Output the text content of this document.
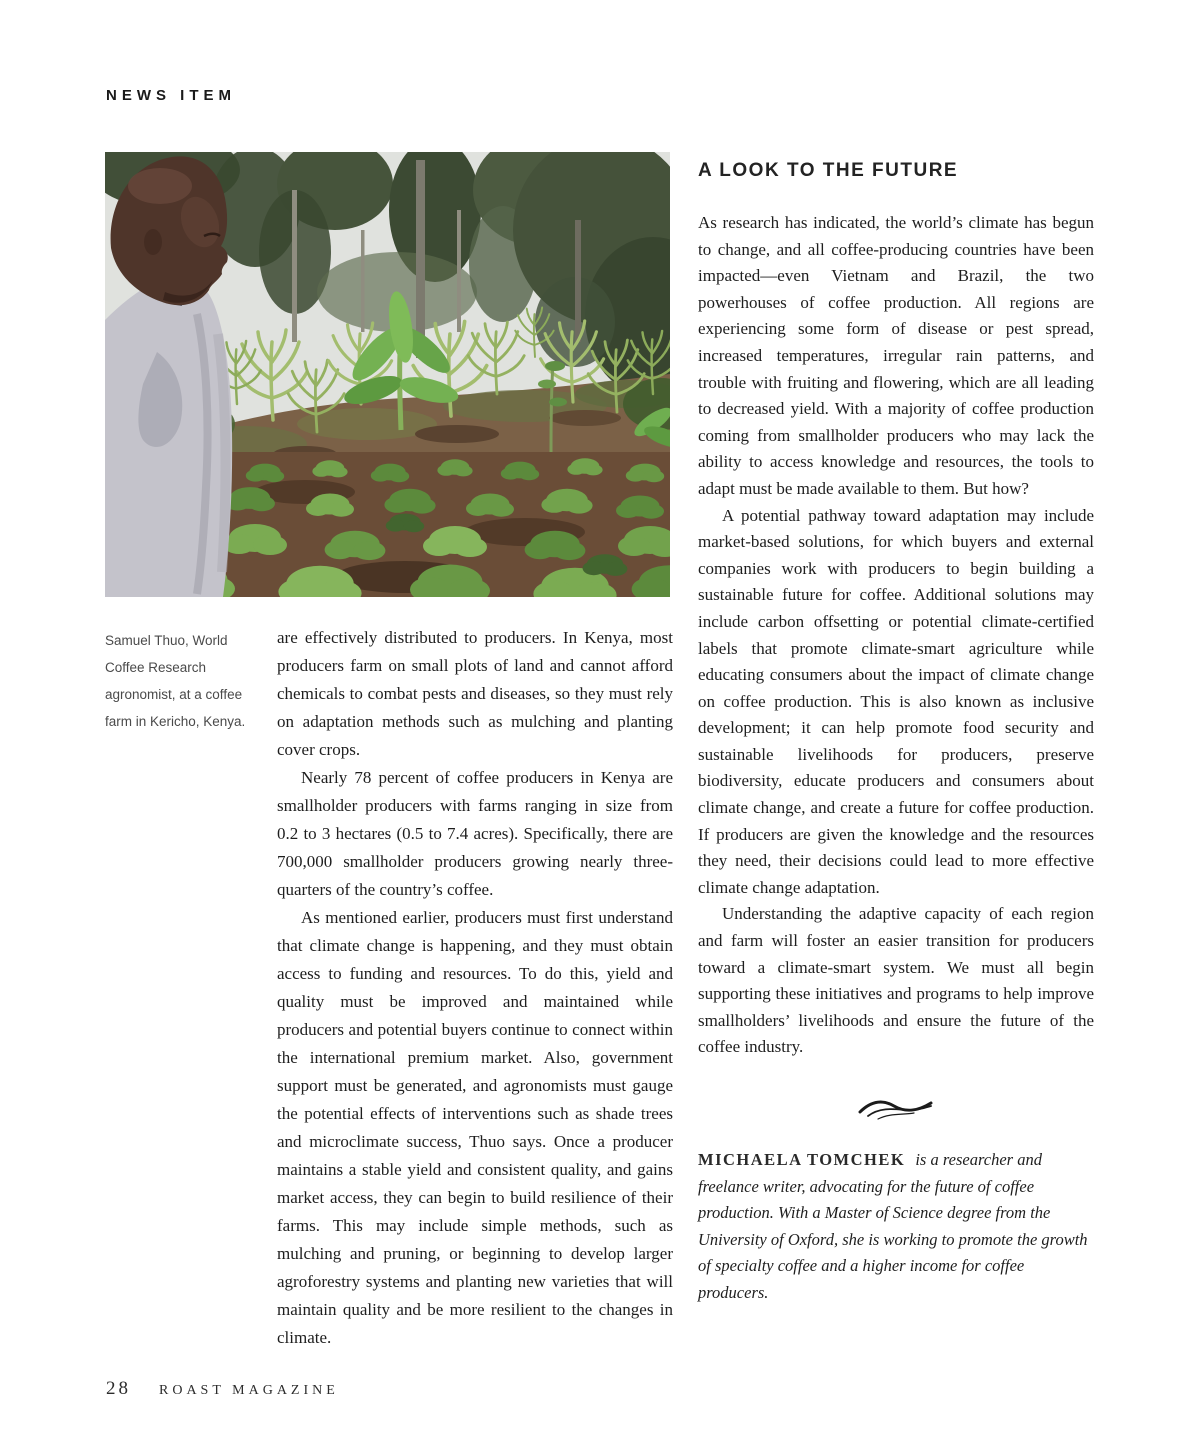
NEWS ITEM
Samuel Thuo, World Coffee Research agronomist, at a coffee farm in Kericho, Kenya.

are effectively distributed to producers. In Kenya, most producers farm on small plots of land and cannot afford chemicals to combat pests and diseases, so they must rely on adaptation methods such as mulching and planting cover crops.

Nearly 78 percent of coffee producers in Kenya are smallholder producers with farms ranging in size from 0.2 to 3 hectares (0.5 to 7.4 acres). Specifically, there are 700,000 smallholder producers growing nearly three-quarters of the country’s coffee.

As mentioned earlier, producers must first understand that climate change is happening, and they must obtain access to funding and resources. To do this, yield and quality must be improved and maintained while producers and potential buyers continue to connect within the international premium market. Also, government support must be generated, and agronomists must gauge the potential effects of interventions such as shade trees and microclimate success, Thuo says. Once a producer maintains a stable yield and consistent quality, and gains market access, they can begin to build resilience of their farms. This may include simple methods, such as mulching and pruning, or beginning to develop larger agroforestry systems and planting new varieties that will maintain quality and be more resilient to the changes in climate.

A LOOK TO THE FUTURE

As research has indicated, the world’s climate has begun to change, and all coffee-producing countries have been impacted—even Vietnam and Brazil, the two powerhouses of coffee production. All regions are experiencing some form of disease or pest spread, increased temperatures, irregular rain patterns, and trouble with fruiting and flowering, which are all leading to decreased yield. With a majority of coffee production coming from smallholder producers who may lack the ability to access knowledge and resources, the tools to adapt must be made available to them. But how?

A potential pathway toward adaptation may include market-based solutions, for which buyers and external companies work with producers to begin building a sustainable future for coffee. Additional solutions may include carbon offsetting or potential climate-certified labels that promote climate-smart agriculture while educating consumers about the impact of climate change on coffee production. This is also known as inclusive development; it can help promote food security and sustainable livelihoods for producers, preserve biodiversity, educate producers and consumers about climate change, and create a future for coffee production. If producers are given the knowledge and the resources they need, their decisions could lead to more effective climate change adaptation.

Understanding the adaptive capacity of each region and farm will foster an easier transition for producers toward a climate-smart system. We must all begin supporting these initiatives and programs to help improve smallholders’ livelihoods and ensure the future of the coffee industry.

MICHAELA TOMCHEK is a researcher and freelance writer, advocating for the future of coffee production. With a Master of Science degree from the University of Oxford, she is working to promote the growth of specialty coffee and a higher income for coffee producers.

28 ROAST MAGAZINE
